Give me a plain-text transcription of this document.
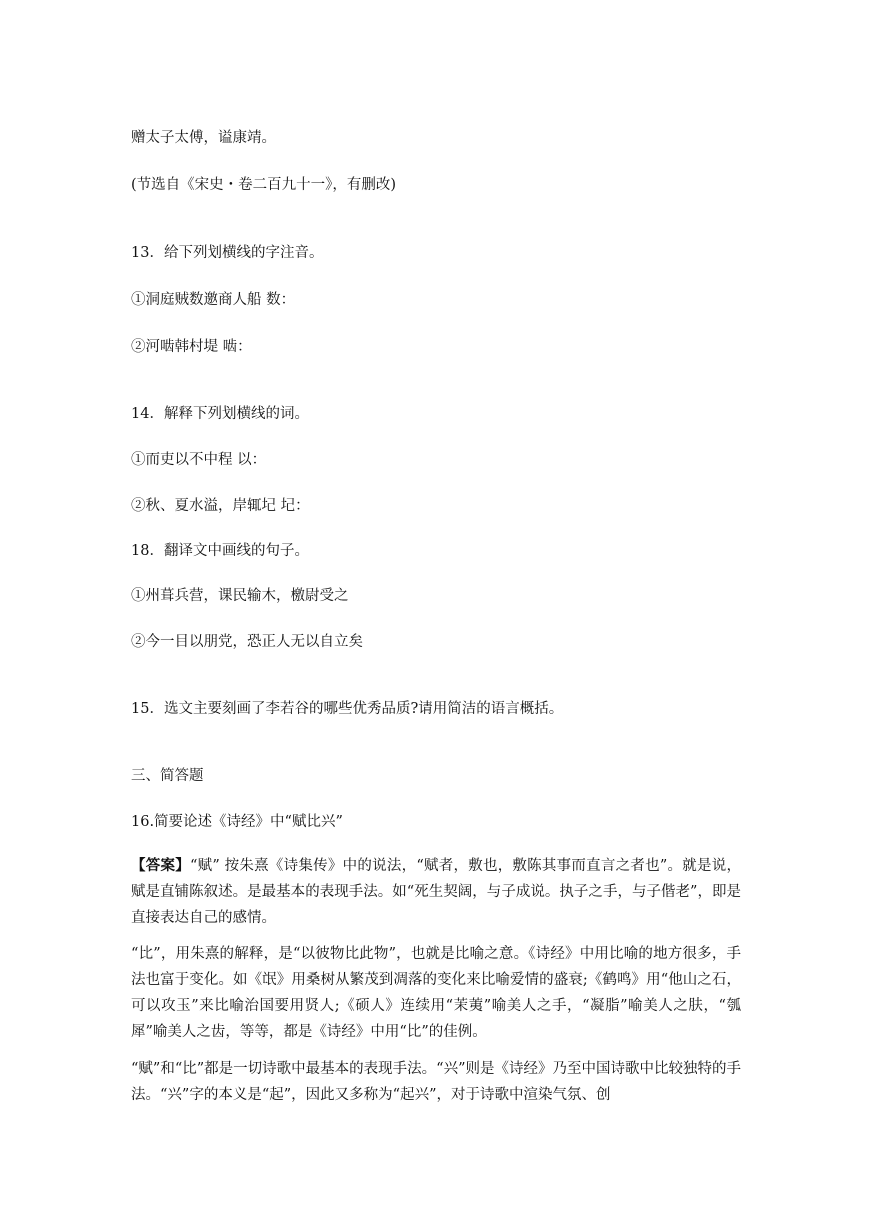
赠太子太傅，谥康靖。
(节选自《宋史・卷二百九十一》，有删改)
13．给下列划横线的字注音。
①洞庭贼数邀商人船 数：
②河啮韩村堤 啮：
14．解释下列划横线的词。
①而吏以不中程 以：
②秋、夏水溢，岸辄圮 圮：
18．翻译文中画线的句子。
①州葺兵营，课民输木，檄尉受之
②今一目以朋党，恐正人无以自立矣
15．选文主要刻画了李若谷的哪些优秀品质?请用简洁的语言概括。
三、简答题
16.简要论述《诗经》中“赋比兴”
【答案】“赋” 按朱熹《诗集传》中的说法，“赋者，敷也，敷陈其事而直言之者也”。就是说，赋是直铺陈叙述。是最基本的表现手法。如“死生契阔，与子成说。执子之手，与子偕老”，即是直接表达自己的感情。
“比”，用朱熹的解释，是“以彼物比此物”，也就是比喻之意。《诗经》中用比喻的地方很多，手法也富于变化。如《氓》用桑树从繁茂到凋落的变化来比喻爱情的盛衰;《鹤鸣》用“他山之石，可以攻玉”来比喻治国要用贤人;《硕人》连续用“茉荑”喻美人之手，“凝脂”喻美人之肤，“瓠犀”喻美人之齿，等等，都是《诗经》中用“比”的佳例。
“赋”和“比”都是一切诗歌中最基本的表现手法。“兴”则是《诗经》乃至中国诗歌中比较独特的手法。“兴”字的本义是“起”，因此又多称为“起兴”，对于诗歌中渲染气氛、创
